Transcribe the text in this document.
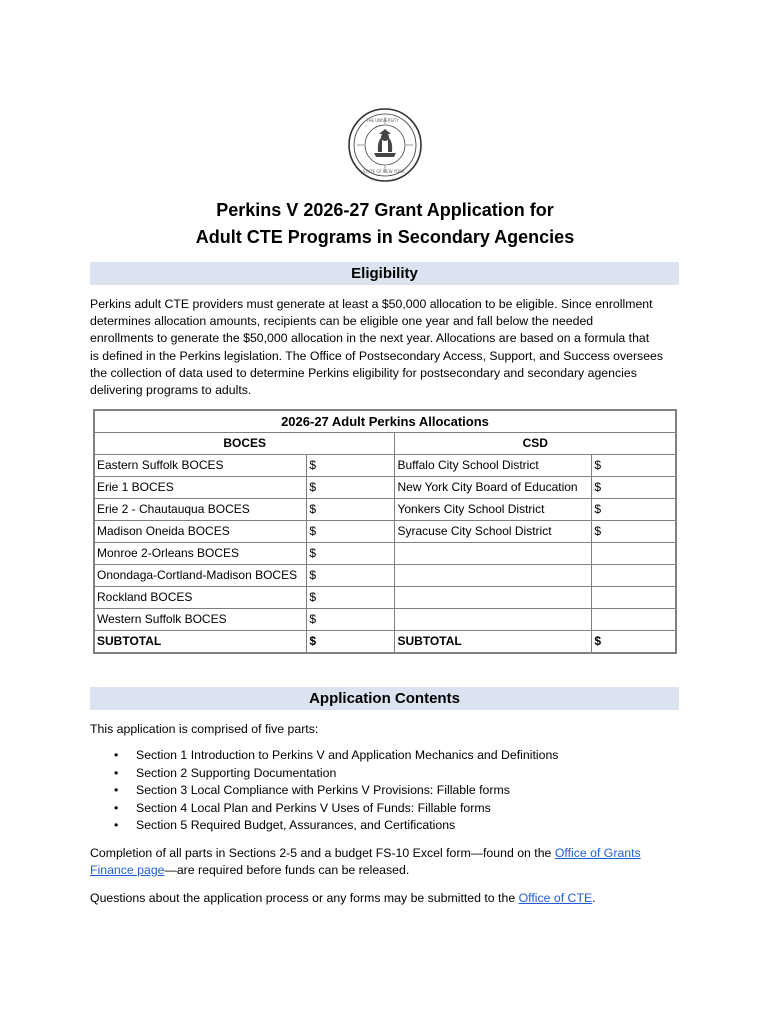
THE UNIVERSITY
STATE OF NEW YORK
Perkins V 2026-27 Grant Application for
Adult CTE Programs in Secondary Agencies
Eligibility
Perkins adult CTE providers must generate at least a $50,000 allocation to be eligible. Since enrollment
determines allocation amounts, recipients can be eligible one year and fall below the needed
enrollments to generate the $50,000 allocation in the next year. Allocations are based on a formula that
is defined in the Perkins legislation. The Office of Postsecondary Access, Support, and Success oversees
the collection of data used to determine Perkins eligibility for postsecondary and secondary agencies
delivering programs to adults.
2026-27 Adult Perkins Allocations			
BOCES		CSD	
Eastern Suffolk BOCES	$	Buffalo City School District	$
Erie 1 BOCES	$	New York City Board of Education	$
Erie 2 - Chautauqua BOCES	$	Yonkers City School District	$
Madison Oneida BOCES	$	Syracuse City School District	$
Monroe 2-Orleans BOCES	$		
Onondaga-Cortland-Madison BOCES	$		
Rockland BOCES	$		
Western Suffolk BOCES	$		
SUBTOTAL	$	SUBTOTAL	$
Application Contents
This application is comprised of five parts:
• Section 1 Introduction to Perkins V and Application Mechanics and Definitions
• Section 2 Supporting Documentation
• Section 3 Local Compliance with Perkins V Provisions: Fillable forms
• Section 4 Local Plan and Perkins V Uses of Funds: Fillable forms
• Section 5 Required Budget, Assurances, and Certifications
Completion of all parts in Sections 2-5 and a budget FS-10 Excel form—found on the Office of Grants
Finance page—are required before funds can be released.
Questions about the application process or any forms may be submitted to the Office of CTE.
